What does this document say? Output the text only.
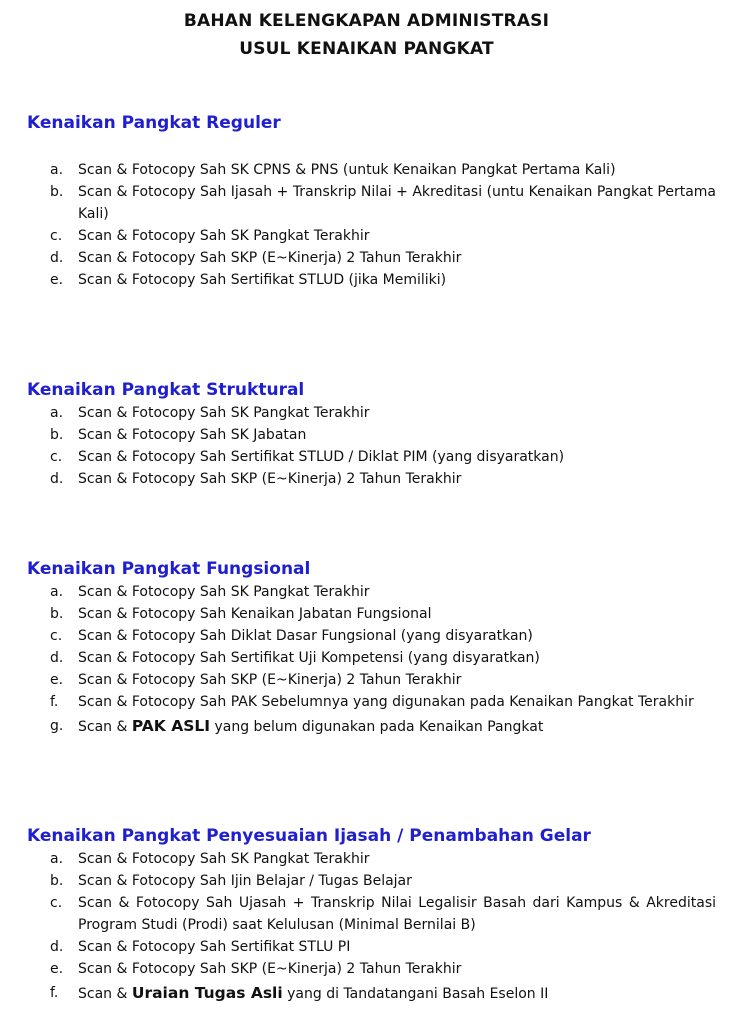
BAHAN KELENGKAPAN ADMINISTRASI
USUL KENAIKAN PANGKAT
Kenaikan Pangkat Reguler
a. Scan & Fotocopy Sah SK CPNS & PNS (untuk Kenaikan Pangkat Pertama Kali)
b. Scan & Fotocopy Sah Ijasah + Transkrip Nilai + Akreditasi (untu Kenaikan Pangkat Pertama Kali)
c. Scan & Fotocopy Sah SK Pangkat Terakhir
d. Scan & Fotocopy Sah SKP (E~Kinerja) 2 Tahun Terakhir
e. Scan & Fotocopy Sah Sertifikat STLUD (jika Memiliki)
Kenaikan Pangkat Struktural
a. Scan & Fotocopy Sah SK Pangkat Terakhir
b. Scan & Fotocopy Sah SK Jabatan
c. Scan & Fotocopy Sah Sertifikat STLUD / Diklat PIM (yang disyaratkan)
d. Scan & Fotocopy Sah SKP (E~Kinerja) 2 Tahun Terakhir
Kenaikan Pangkat Fungsional
a. Scan & Fotocopy Sah SK Pangkat Terakhir
b. Scan & Fotocopy Sah Kenaikan Jabatan Fungsional
c. Scan & Fotocopy Sah Diklat Dasar Fungsional (yang disyaratkan)
d. Scan & Fotocopy Sah Sertifikat Uji Kompetensi (yang disyaratkan)
e. Scan & Fotocopy Sah SKP (E~Kinerja) 2 Tahun Terakhir
f. Scan & Fotocopy Sah PAK Sebelumnya yang digunakan pada Kenaikan Pangkat Terakhir
g. Scan & PAK ASLI yang belum digunakan pada Kenaikan Pangkat
Kenaikan Pangkat Penyesuaian Ijasah / Penambahan Gelar
a. Scan & Fotocopy Sah SK Pangkat Terakhir
b. Scan & Fotocopy Sah Ijin Belajar / Tugas Belajar
c. Scan & Fotocopy Sah Ujasah + Transkrip Nilai Legalisir Basah dari Kampus & Akreditasi Program Studi (Prodi) saat Kelulusan (Minimal Bernilai B)
d. Scan & Fotocopy Sah Sertifikat STLU PI
e. Scan & Fotocopy Sah SKP (E~Kinerja) 2 Tahun Terakhir
f. Scan & Uraian Tugas Asli yang di Tandatangani Basah Eselon II
